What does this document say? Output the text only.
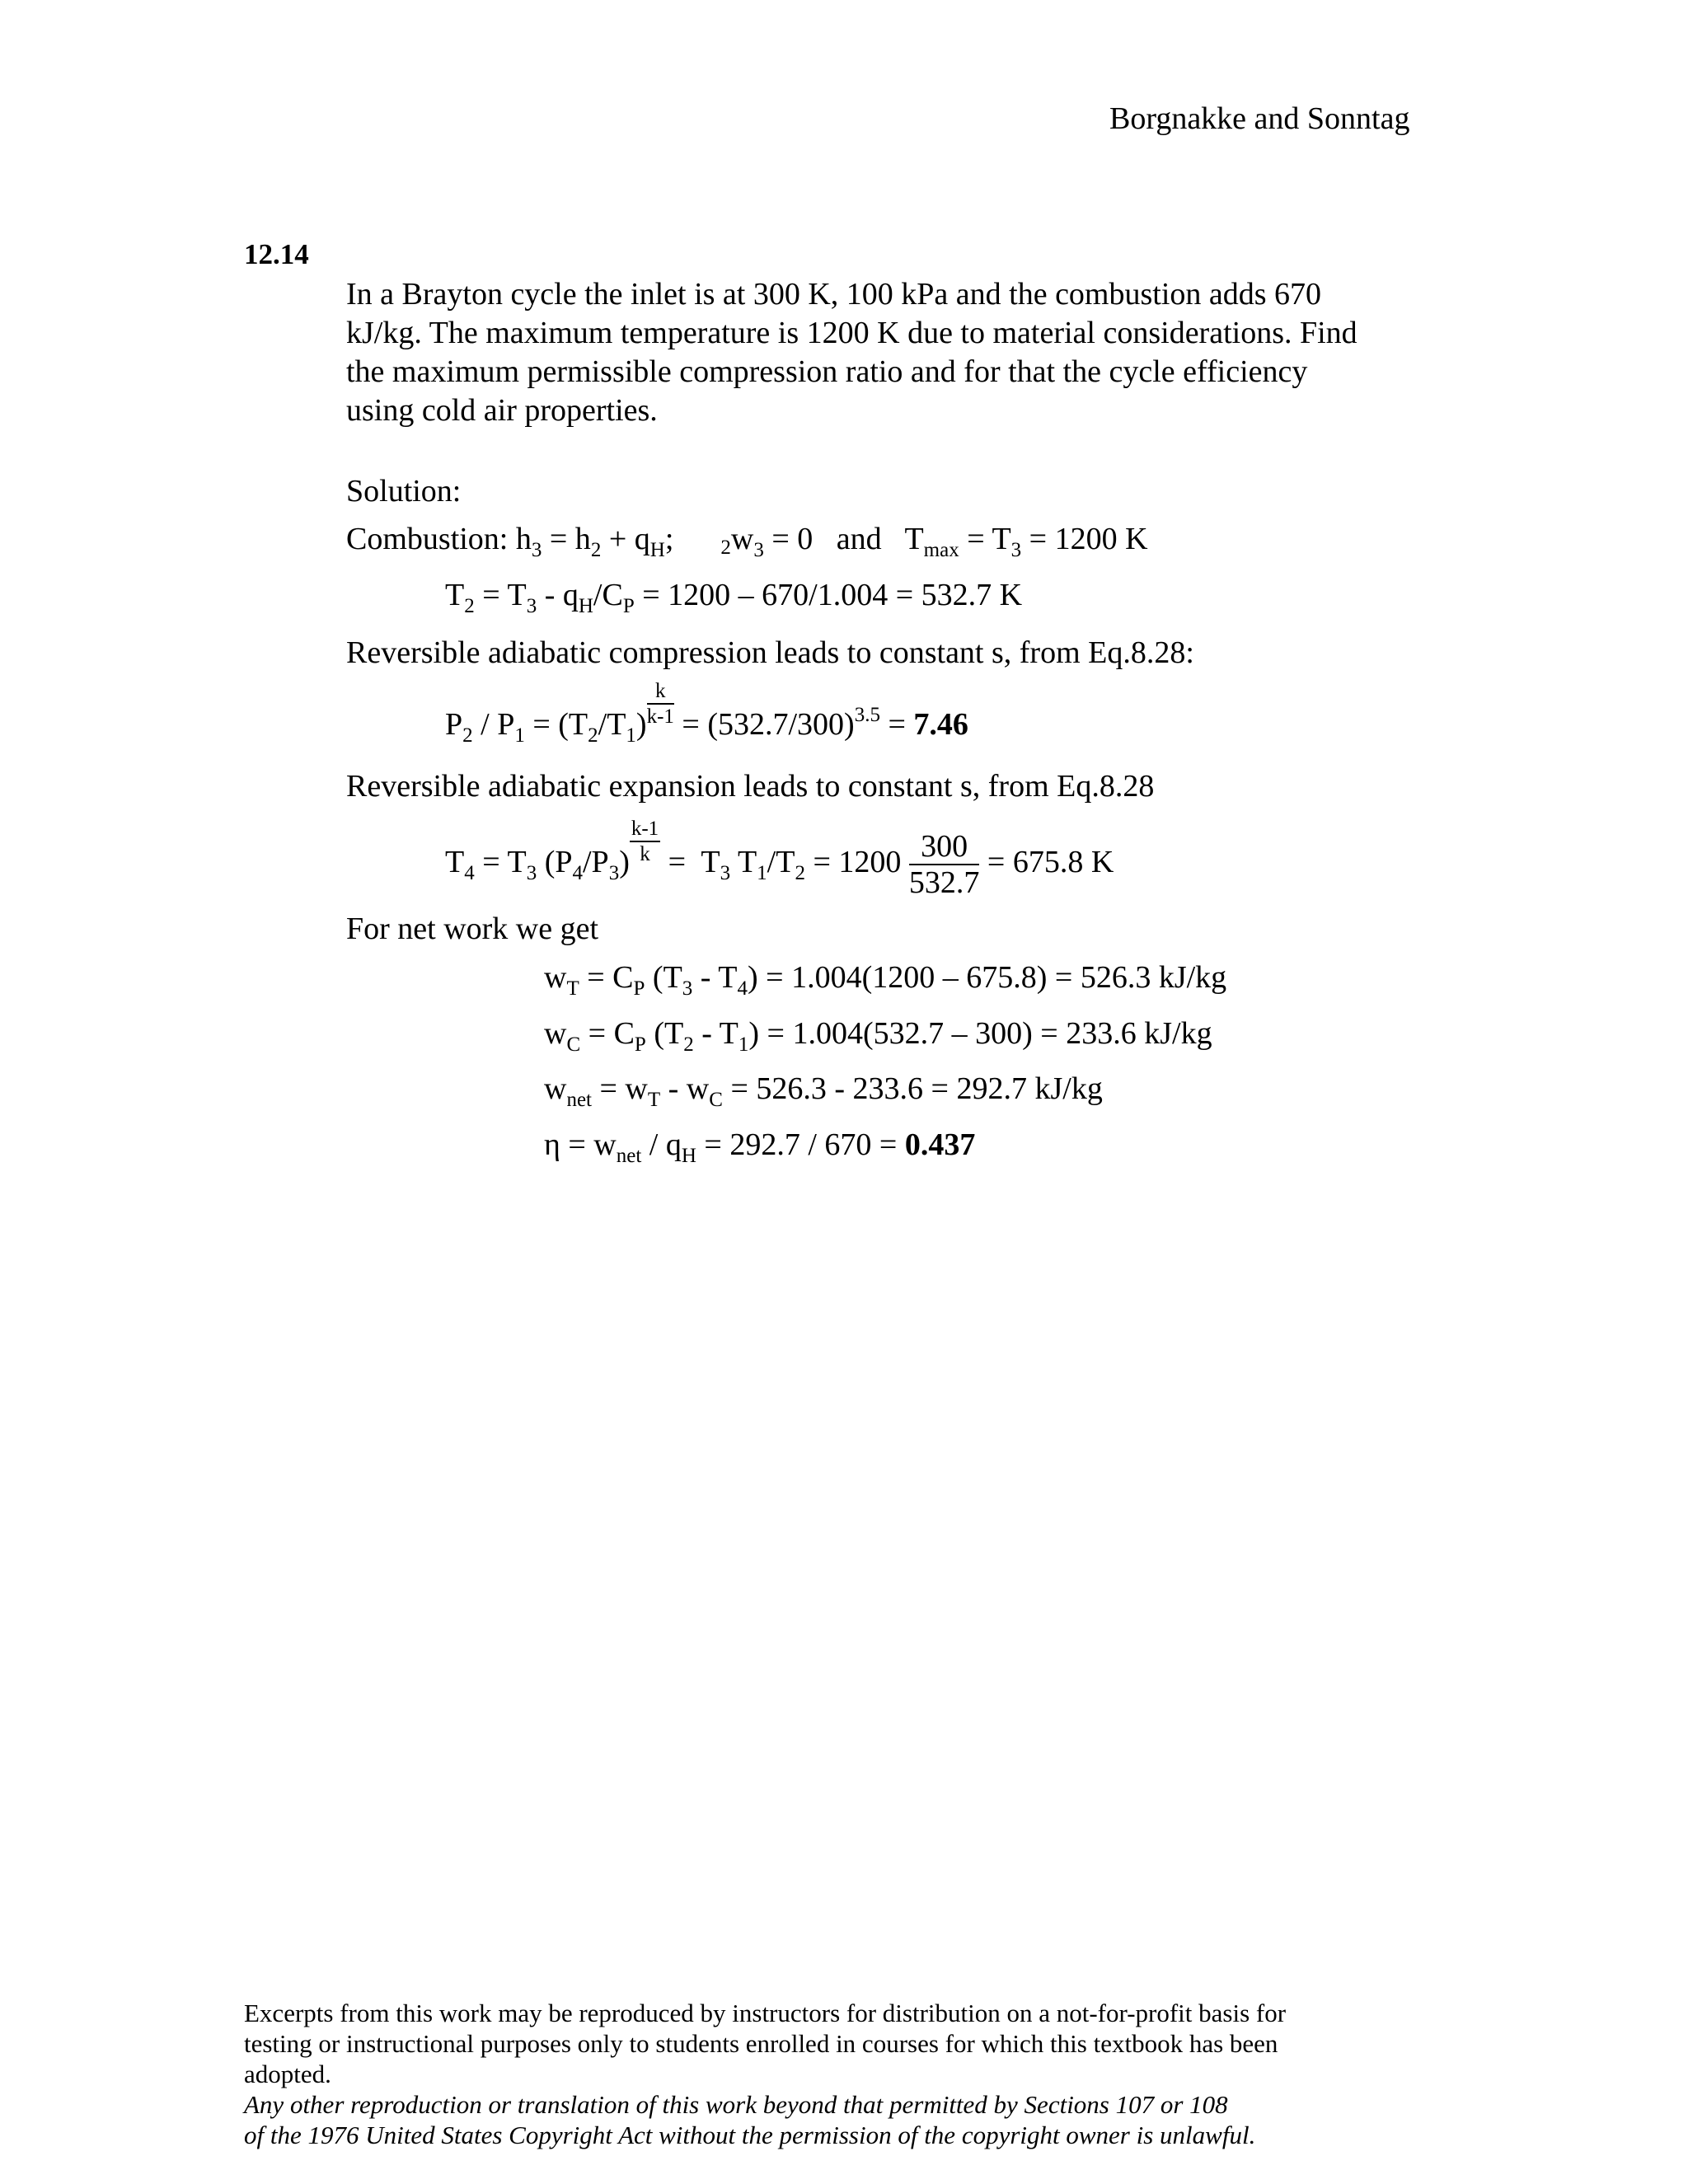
Borgnakke and Sonntag
12.14
In a Brayton cycle the inlet is at 300 K, 100 kPa and the combustion adds 670
kJ/kg. The maximum temperature is 1200 K due to material considerations. Find
the maximum permissible compression ratio and for that the cycle efficiency
using cold air properties.
Solution:
Combustion: $h_3 = h_2 + q_H$;      $_2w_3 = 0$   and   $T_{max} = T_3 = 1200$ K
$T_2 = T_3 - q_H/C_P = 1200 - 670/1.004 = 532.7$ K
Reversible adiabatic compression leads to constant s, from Eq.8.28:
$P_2 / P_1 = (T_2/T_1) \frac{k}{k-1} = (532.7/300)^{3.5} = 7.46$
Reversible adiabatic expansion leads to constant s, from Eq.8.28
$T_4 = T_3$ $(P_4/P_3) \frac{k-1}{k} = T_3$ $T_1/T_2 = 1200 \frac{300}{532.7} = 675.8$ K
For net work we get
$w_T = C_P$ $(T_3 - T_4) = 1.004(1200 - 675.8) = 526.3$ kJ/kg
$w_C = C_P$ $(T_2 - T_1) = 1.004(532.7 - 300) = 233.6$ kJ/kg
$w_{net} = w_T - w_C = 526.3 - 233.6 = 292.7$ kJ/kg
$\eta = w_{net} / q_H = 292.7 / 670 = 0.437$
Excerpts from this work may be reproduced by instructors for distribution on a not-for-profit basis for
testing or instructional purposes only to students enrolled in courses for which this textbook has been
adopted.
Any other reproduction or translation of this work beyond that permitted by Sections 107 or 108
of the 1976 United States Copyright Act without the permission of the copyright owner is unlawful.
